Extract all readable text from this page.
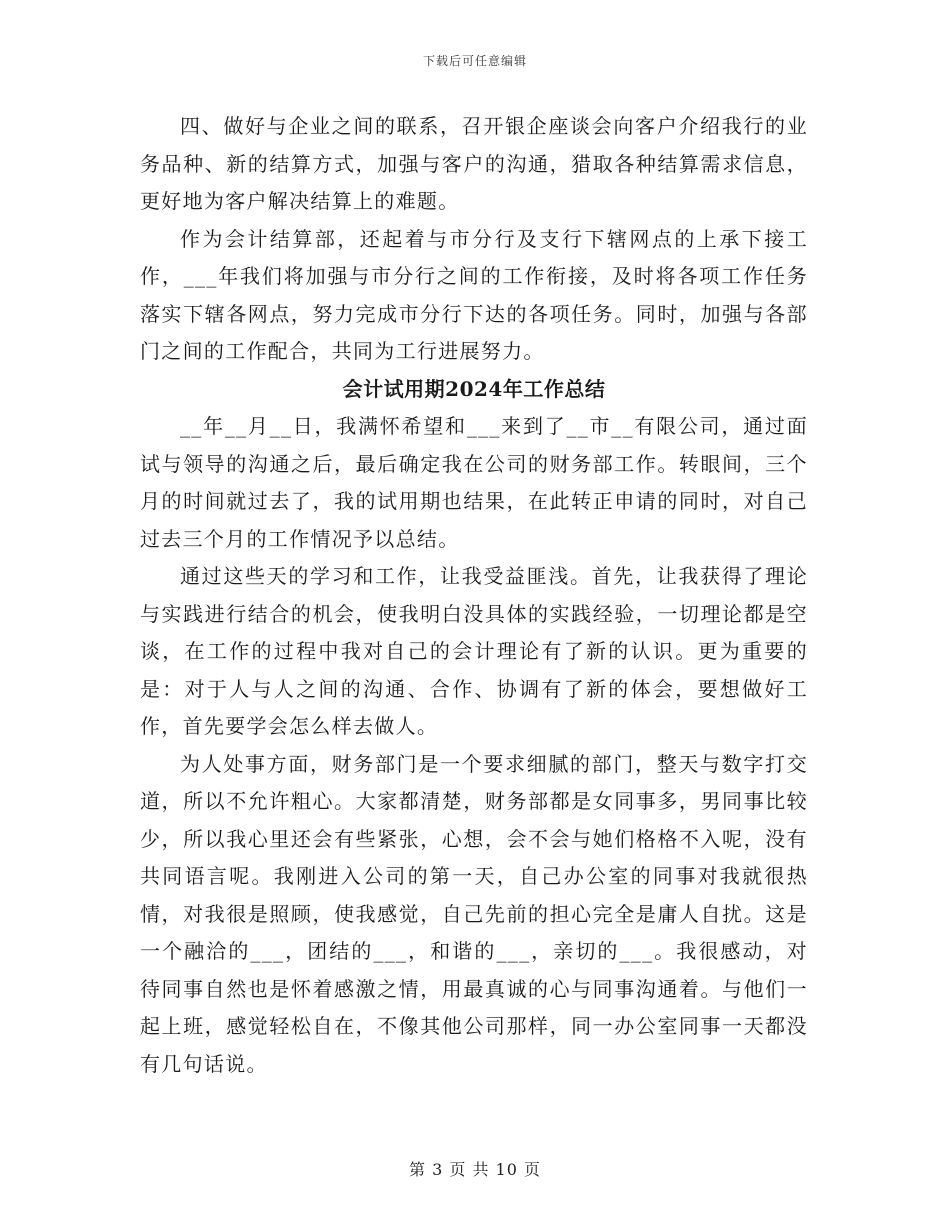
下载后可任意编辑

四、做好与企业之间的联系，召开银企座谈会向客户介绍我行的业务品种、新的结算方式，加强与客户的沟通，猎取各种结算需求信息，更好地为客户解决结算上的难题。

作为会计结算部，还起着与市分行及支行下辖网点的上承下接工作，___年我们将加强与市分行之间的工作衔接，及时将各项工作任务落实下辖各网点，努力完成市分行下达的各项任务。同时，加强与各部门之间的工作配合，共同为工行进展努力。

会计试用期2024年工作总结

__年__月__日，我满怀希望和___来到了__市__有限公司，通过面试与领导的沟通之后，最后确定我在公司的财务部工作。转眼间，三个月的时间就过去了，我的试用期也结果，在此转正申请的同时，对自己过去三个月的工作情况予以总结。

通过这些天的学习和工作，让我受益匪浅。首先，让我获得了理论与实践进行结合的机会，使我明白没具体的实践经验，一切理论都是空谈，在工作的过程中我对自己的会计理论有了新的认识。更为重要的是：对于人与人之间的沟通、合作、协调有了新的体会，要想做好工作，首先要学会怎么样去做人。

为人处事方面，财务部门是一个要求细腻的部门，整天与数字打交道，所以不允许粗心。大家都清楚，财务部都是女同事多，男同事比较少，所以我心里还会有些紧张，心想，会不会与她们格格不入呢，没有共同语言呢。我刚进入公司的第一天，自己办公室的同事对我就很热情，对我很是照顾，使我感觉，自己先前的担心完全是庸人自扰。这是一个融洽的___，团结的___，和谐的___，亲切的___。我很感动，对待同事自然也是怀着感激之情，用最真诚的心与同事沟通着。与他们一起上班，感觉轻松自在，不像其他公司那样，同一办公室同事一天都没有几句话说。

第 3 页 共 10 页
